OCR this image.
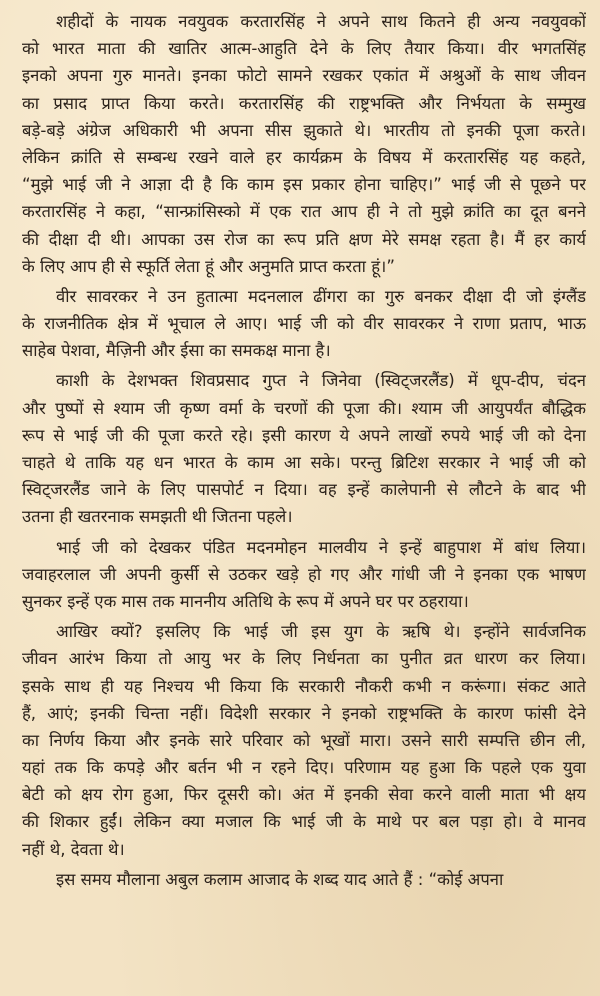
शहीदों के नायक नवयुवक करतारसिंह ने अपने साथ कितने ही अन्य नवयुवकों
को भारत माता की खातिर आत्म-आहुति देने के लिए तैयार किया। वीर भगतसिंह
इनको अपना गुरु मानते। इनका फोटो सामने रखकर एकांत में अश्रुओं के साथ जीवन
का प्रसाद प्राप्त किया करते। करतारसिंह की राष्ट्रभक्ति और निर्भयता के सम्मुख
बड़े-बड़े अंग्रेज अधिकारी भी अपना सीस झुकाते थे। भारतीय तो इनकी पूजा करते।
लेकिन क्रांति से सम्बन्ध रखने वाले हर कार्यक्रम के विषय में करतारसिंह यह कहते,
“मुझे भाई जी ने आज्ञा दी है कि काम इस प्रकार होना चाहिए।” भाई जी से पूछने पर
करतारसिंह ने कहा, “सान्फ्रांसिस्को में एक रात आप ही ने तो मुझे क्रांति का दूत बनने
की दीक्षा दी थी। आपका उस रोज का रूप प्रति क्षण मेरे समक्ष रहता है। मैं हर कार्य
के लिए आप ही से स्फूर्ति लेता हूं और अनुमति प्राप्त करता हूं।”
वीर सावरकर ने उन हुतात्मा मदनलाल ढींगरा का गुरु बनकर दीक्षा दी जो इंग्लैंड
के राजनीतिक क्षेत्र में भूचाल ले आए। भाई जी को वीर सावरकर ने राणा प्रताप, भाऊ
साहेब पेशवा, मैज़िनी और ईसा का समकक्ष माना है।
काशी के देशभक्त शिवप्रसाद गुप्त ने जिनेवा (स्विट्जरलैंड) में धूप-दीप, चंदन
और पुष्पों से श्याम जी कृष्ण वर्मा के चरणों की पूजा की। श्याम जी आयुपर्यंत बौद्धिक
रूप से भाई जी की पूजा करते रहे। इसी कारण ये अपने लाखों रुपये भाई जी को देना
चाहते थे ताकि यह धन भारत के काम आ सके। परन्तु ब्रिटिश सरकार ने भाई जी को
स्विट्जरलैंड जाने के लिए पासपोर्ट न दिया। वह इन्हें कालेपानी से लौटने के बाद भी
उतना ही खतरनाक समझती थी जितना पहले।
भाई जी को देखकर पंडित मदनमोहन मालवीय ने इन्हें बाहुपाश में बांध लिया।
जवाहरलाल जी अपनी कुर्सी से उठकर खड़े हो गए और गांधी जी ने इनका एक भाषण
सुनकर इन्हें एक मास तक माननीय अतिथि के रूप में अपने घर पर ठहराया।
आखिर क्यों? इसलिए कि भाई जी इस युग के ऋषि थे। इन्होंने सार्वजनिक
जीवन आरंभ किया तो आयु भर के लिए निर्धनता का पुनीत व्रत धारण कर लिया।
इसके साथ ही यह निश्चय भी किया कि सरकारी नौकरी कभी न करूंगा। संकट आते
हैं, आएं; इनकी चिन्ता नहीं। विदेशी सरकार ने इनको राष्ट्रभक्ति के कारण फांसी देने
का निर्णय किया और इनके सारे परिवार को भूखों मारा। उसने सारी सम्पत्ति छीन ली,
यहां तक कि कपड़े और बर्तन भी न रहने दिए। परिणाम यह हुआ कि पहले एक युवा
बेटी को क्षय रोग हुआ, फिर दूसरी को। अंत में इनकी सेवा करने वाली माता भी क्षय
की शिकार हुईं। लेकिन क्या मजाल कि भाई जी के माथे पर बल पड़ा हो। वे मानव
नहीं थे, देवता थे।
इस समय मौलाना अबुल कलाम आजाद के शब्द याद आते हैं : “कोई अपना
